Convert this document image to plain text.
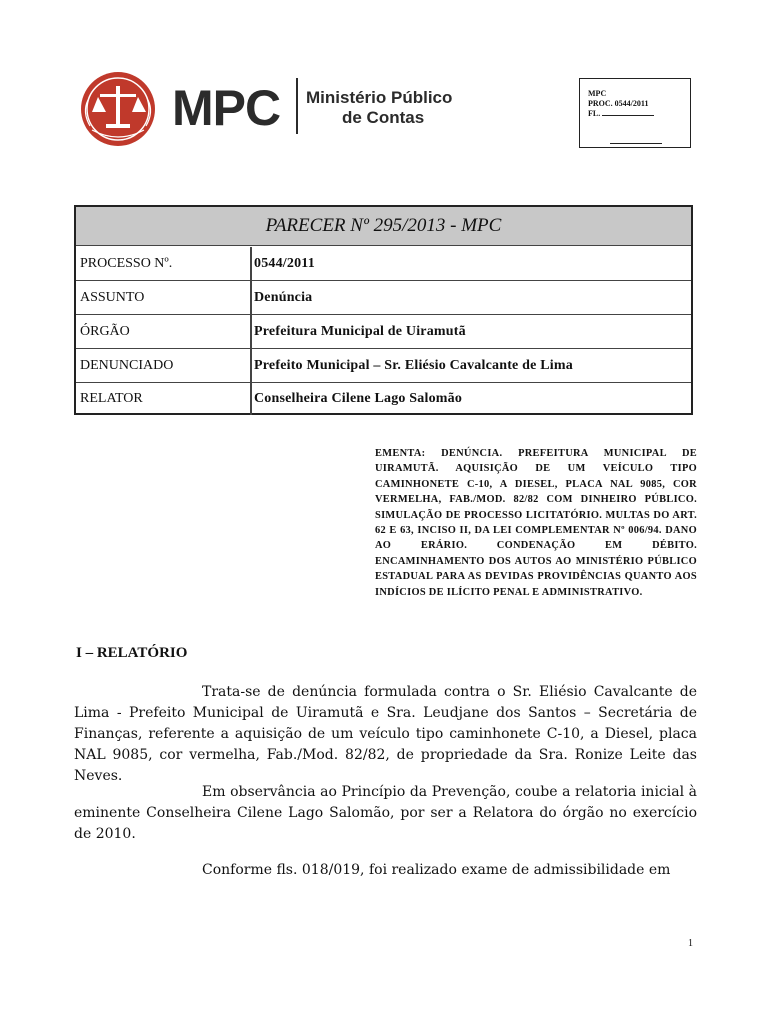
MPC Ministério Público
de Contas
MPC
PROC. 0544/2011
FL.
PARECER Nº 295/2013 - MPC
PROCESSO Nº.	0544/2011
ASSUNTO	Denúncia
ÓRGÃO	Prefeitura Municipal de Uiramutã
DENUNCIADO	Prefeito Municipal – Sr. Eliésio Cavalcante de Lima
RELATOR	Conselheira Cilene Lago Salomão
EMENTA: DENÚNCIA. PREFEITURA MUNICIPAL DE UIRAMUTÃ. AQUISIÇÃO DE UM VEÍCULO TIPO CAMINHONETE C-10, A DIESEL, PLACA NAL 9085, COR VERMELHA, FAB./MOD. 82/82 COM DINHEIRO PÚBLICO. SIMULAÇÃO DE PROCESSO LICITATÓRIO. MULTAS DO ART. 62 E 63, INCISO II, DA LEI COMPLEMENTAR Nº 006/94. DANO AO ERÁRIO. CONDENAÇÃO EM DÉBITO. ENCAMINHAMENTO DOS AUTOS AO MINISTÉRIO PÚBLICO ESTADUAL PARA AS DEVIDAS PROVIDÊNCIAS QUANTO AOS INDÍCIOS DE ILÍCITO PENAL E ADMINISTRATIVO.
I – RELATÓRIO
Trata-se de denúncia formulada contra o Sr. Eliésio Cavalcante de Lima - Prefeito Municipal de Uiramutã e Sra. Leudjane dos Santos – Secretária de Finanças, referente a aquisição de um veículo tipo caminhonete C-10, a Diesel, placa NAL 9085, cor vermelha, Fab./Mod. 82/82, de propriedade da Sra. Ronize Leite das Neves.
Em observância ao Princípio da Prevenção, coube a relatoria inicial à eminente Conselheira Cilene Lago Salomão, por ser a Relatora do órgão no exercício de 2010.
Conforme fls. 018/019, foi realizado exame de admissibilidade em
1
